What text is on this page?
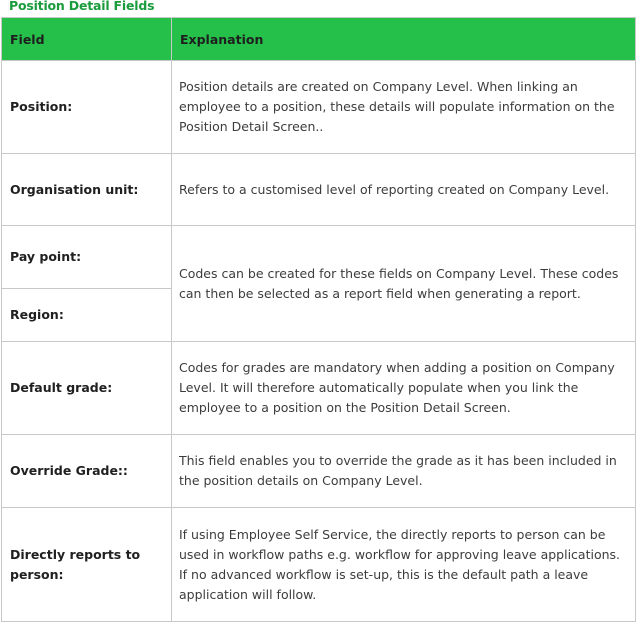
Position Detail Fields
Field	Explanation
Position:	Position details are created on Company Level. When linking an employee to a position, these details will populate information on the Position Detail Screen..
Organisation unit:	Refers to a customised level of reporting created on Company Level.
Pay point:	Codes can be created for these fields on Company Level. These codes can then be selected as a report field when generating a report.
Region:	
Default grade:	Codes for grades are mandatory when adding a position on Company Level. It will therefore automatically populate when you link the employee to a position on the Position Detail Screen.
Override Grade::	This field enables you to override the grade as it has been included in the position details on Company Level.
Directly reports to person:	If using Employee Self Service, the directly reports to person can be used in workflow paths e.g. workflow for approving leave applications. If no advanced workflow is set-up, this is the default path a leave application will follow.
